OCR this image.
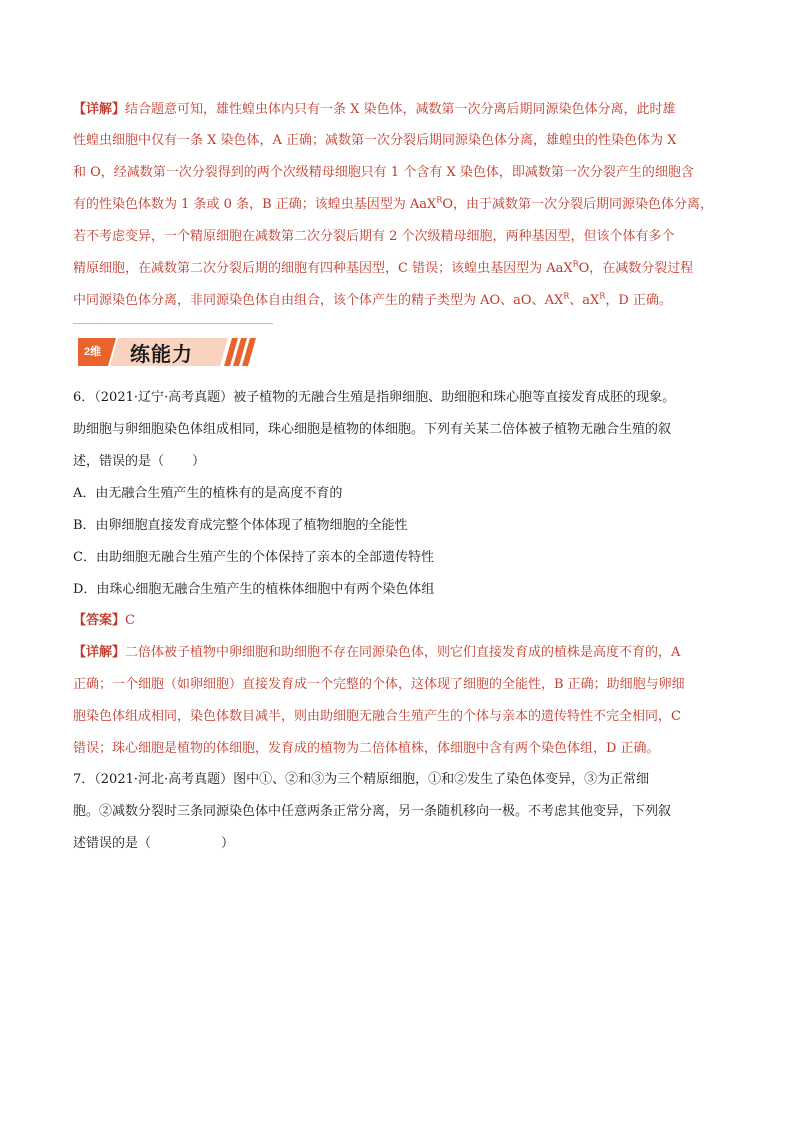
【详解】结合题意可知，雄性蝗虫体内只有一条 X 染色体，减数第一次分离后期同源染色体分离，此时雄
性蝗虫细胞中仅有一条 X 染色体，A 正确；减数第一次分裂后期同源染色体分离，雄蝗虫的性染色体为 X
和 O，经减数第一次分裂得到的两个次级精母细胞只有 1 个含有 X 染色体，即减数第一次分裂产生的细胞含
有的性染色体数为 1 条或 0 条，B 正确；该蝗虫基因型为 AaX$^R$O，由于减数第一次分裂后期同源染色体分离，
若不考虑变异，一个精原细胞在减数第二次分裂后期有 2 个次级精母细胞，两种基因型，但该个体有多个
精原细胞，在减数第二次分裂后期的细胞有四种基因型，C 错误；该蝗虫基因型为 AaX$^R$O，在减数分裂过程
中同源染色体分离，非同源染色体自由组合，该个体产生的精子类型为 AO、aO、$AX^R$、$aX^R$，D 正确。
2维 练能力
6．（2021·辽宁·高考真题）被子植物的无融合生殖是指卵细胞、助细胞和珠心胞等直接发育成胚的现象。
助细胞与卵细胞染色体组成相同，珠心细胞是植物的体细胞。下列有关某二倍体被子植物无融合生殖的叙
述，错误的是（ ）
A．由无融合生殖产生的植株有的是高度不育的
B．由卵细胞直接发育成完整个体体现了植物细胞的全能性
C．由助细胞无融合生殖产生的个体保持了亲本的全部遗传特性
D．由珠心细胞无融合生殖产生的植株体细胞中有两个染色体组
【答案】C
【详解】二倍体被子植物中卵细胞和助细胞不存在同源染色体，则它们直接发育成的植株是高度不育的，A
正确；一个细胞（如卵细胞）直接发育成一个完整的个体，这体现了细胞的全能性，B 正确；助细胞与卵细
胞染色体组成相同，染色体数目减半，则由助细胞无融合生殖产生的个体与亲本的遗传特性不完全相同，C
错误；珠心细胞是植物的体细胞，发育成的植物为二倍体植株，体细胞中含有两个染色体组，D 正确。
7．（2021·河北·高考真题）图中①、②和③为三个精原细胞，①和②发生了染色体变异，③为正常细
胞。②减数分裂时三条同源染色体中任意两条正常分离，另一条随机移向一极。不考虑其他变异，下列叙
述错误的是（	）
